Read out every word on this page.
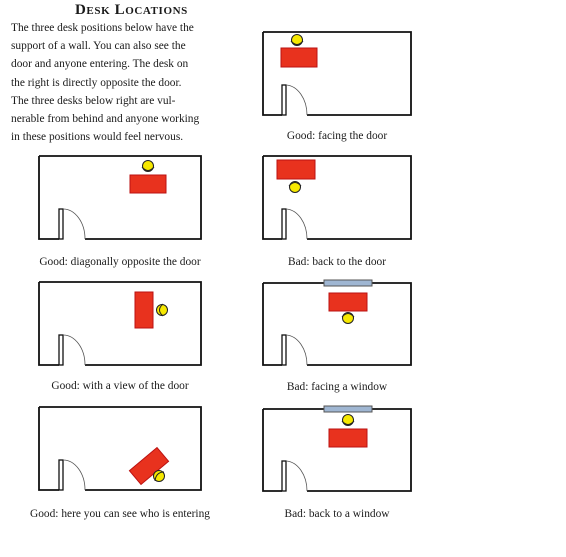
Desk Locations
The three desk positions below have the
support of a wall. You can also see the
door and anyone entering. The desk on
the right is directly opposite the door.
The three desks below right are vul-
nerable from behind and anyone working
in these positions would feel nervous.	Good: facing the door
Good: diagonally opposite the door	Bad: back to the door
Good: with a view of the door	Bad: facing a window
Good: here you can see who is entering	Bad: back to a window
